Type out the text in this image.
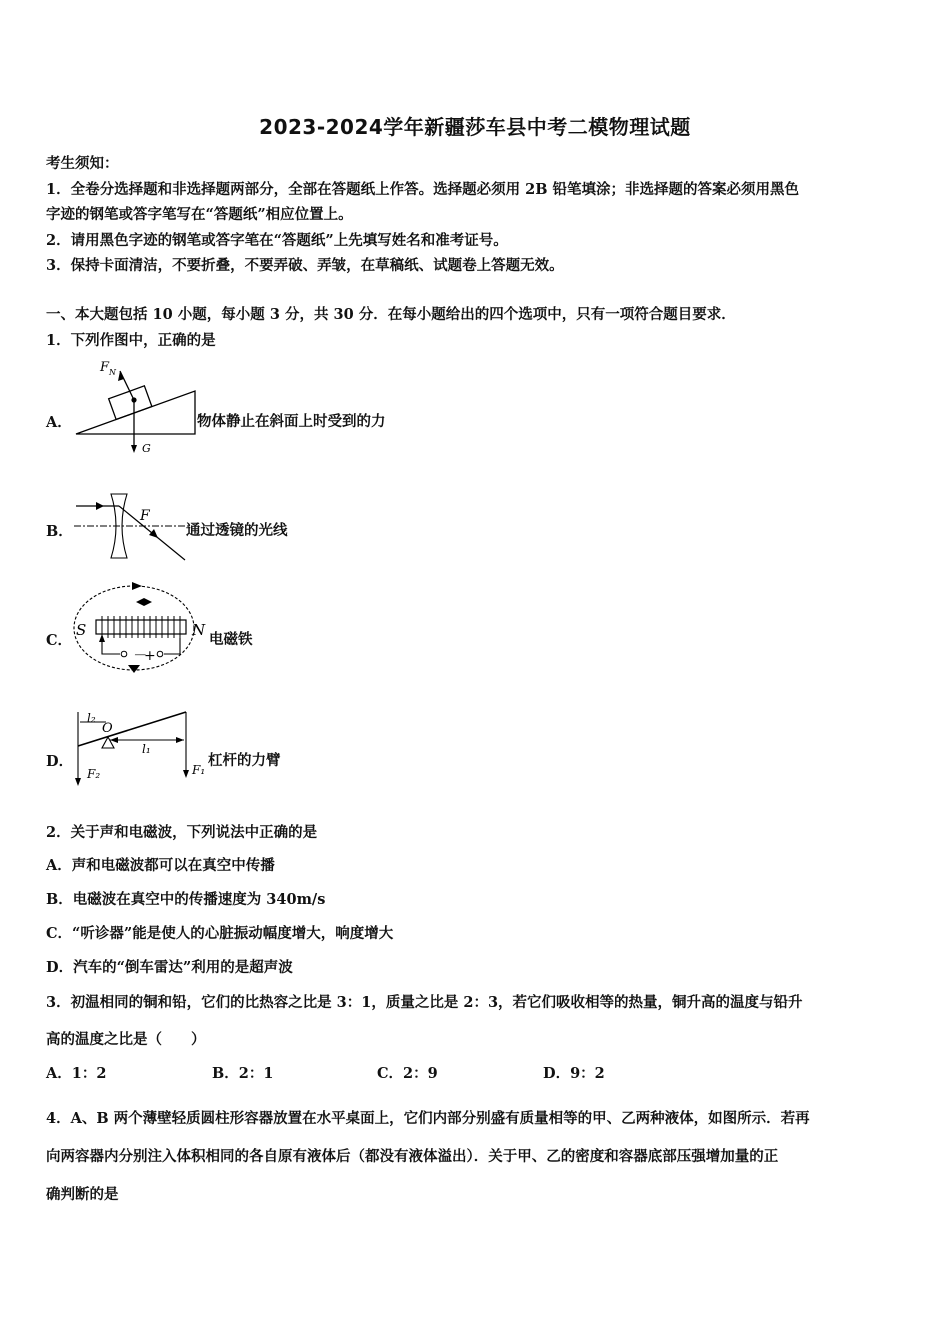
2023-2024学年新疆莎车县中考二模物理试题
考生须知：
1．全卷分选择题和非选择题两部分，全部在答题纸上作答。选择题必须用 2B 铅笔填涂；非选择题的答案必须用黑色
字迹的钢笔或答字笔写在“答题纸”相应位置上。
2．请用黑色字迹的钢笔或答字笔在“答题纸”上先填写姓名和准考证号。
3．保持卡面清洁，不要折叠，不要弄破、弄皱，在草稿纸、试题卷上答题无效。
一、本大题包括 10 小题，每小题 3 分，共 30 分．在每小题给出的四个选项中，只有一项符合题目要求．
1．下列作图中，正确的是
A．
F N
G
物体静止在斜面上时受到的力
B．
F
通过透镜的光线
C．
S	N
－
+
电磁铁
D．
l₂
O
l₁
F₂	F₁
杠杆的力臂
2．关于声和电磁波，下列说法中正确的是
A．声和电磁波都可以在真空中传播
B．电磁波在真空中的传播速度为 340m/s
C．“听诊器”能是使人的心脏振动幅度增大，响度增大
D．汽车的“倒车雷达”利用的是超声波
3．初温相同的铜和铅，它们的比热容之比是 3：1，质量之比是 2：3，若它们吸收相等的热量，铜升高的温度与铅升
高的温度之比是（　　）
A．1：2	B．2：1	C．2：9	D．9：2
4．A、B 两个薄壁轻质圆柱形容器放置在水平桌面上，它们内部分别盛有质量相等的甲、乙两种液体，如图所示．若再
向两容器内分别注入体积相同的各自原有液体后（都没有液体溢出）．关于甲、乙的密度和容器底部压强增加量的正
确判断的是
